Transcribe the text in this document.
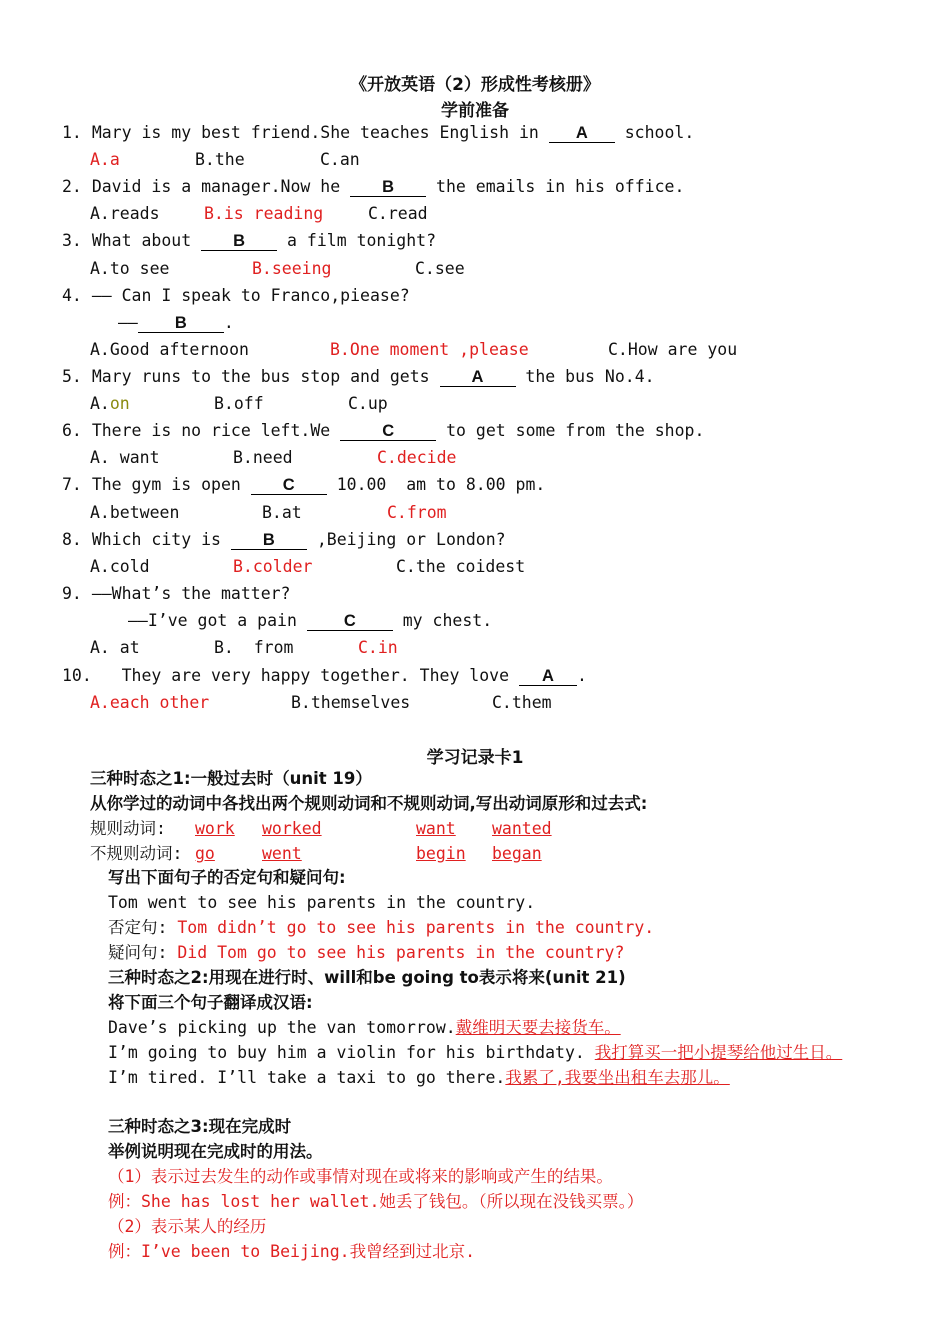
《开放英语（2）形成性考核册》
学前准备
1. Mary is my best friend.She teaches English in A school.
A.a	B.the	C.an
2. David is a manager.Now he B the emails in his office.
A.reads	B.is reading	C.read
3. What about B a film tonight?
A.to see	B.seeing	C.see
4. —— Can I speak to Franco,piease?
—— B .
A.Good afternoon	B.One moment ,please	C.How are you
5. Mary runs to the bus stop and gets A the bus No.4.
A.on	B.off	C.up
6. There is no rice left.We	C	to get some from the shop.
A. want	B.need	C.decide
7. The gym is open C 10.00  am to 8.00 pm.
A.between	B.at	C.from
8. Which city is B ,Beijing or London?
A.cold	B.colder	C.the coidest
9. ——What’s the matter?
——I’ve got a pain C my chest.
A. at	B.  from	C.in
10. They are very happy together. They love A .
A.each other	B.themselves	C.them
学习记录卡1
三种时态之1:一般过去时（unit 19）
从你学过的动词中各找出两个规则动词和不规则动词,写出动词原形和过去式:
规则动词: work worked	want wanted
不规则动词: go	went	begin began
写出下面句子的否定句和疑问句:
Tom went to see his parents in the country.
否定句: Tom didn’t go to see his parents in the country.
疑问句: Did Tom go to see his parents in the country?
三种时态之2:用现在进行时、will和be going to表示将来(unit 21)
将下面三个句子翻译成汉语:
Dave’s picking up the van tomorrow.戴维明天要去接货车。
I’m going to buy him a violin for his birthdaty. 我打算买一把小提琴给他过生日。
I’m tired. I’ll take a taxi to go there.我累了,我要坐出租车去那儿。
三种时态之3:现在完成时
举例说明现在完成时的用法。
（1）表示过去发生的动作或事情对现在或将来的影响或产生的结果。
例：She has lost her wallet.她丢了钱包。（所以现在没钱买票。）
（2）表示某人的经历
例：I’ve been to Beijing.我曾经到过北京.
